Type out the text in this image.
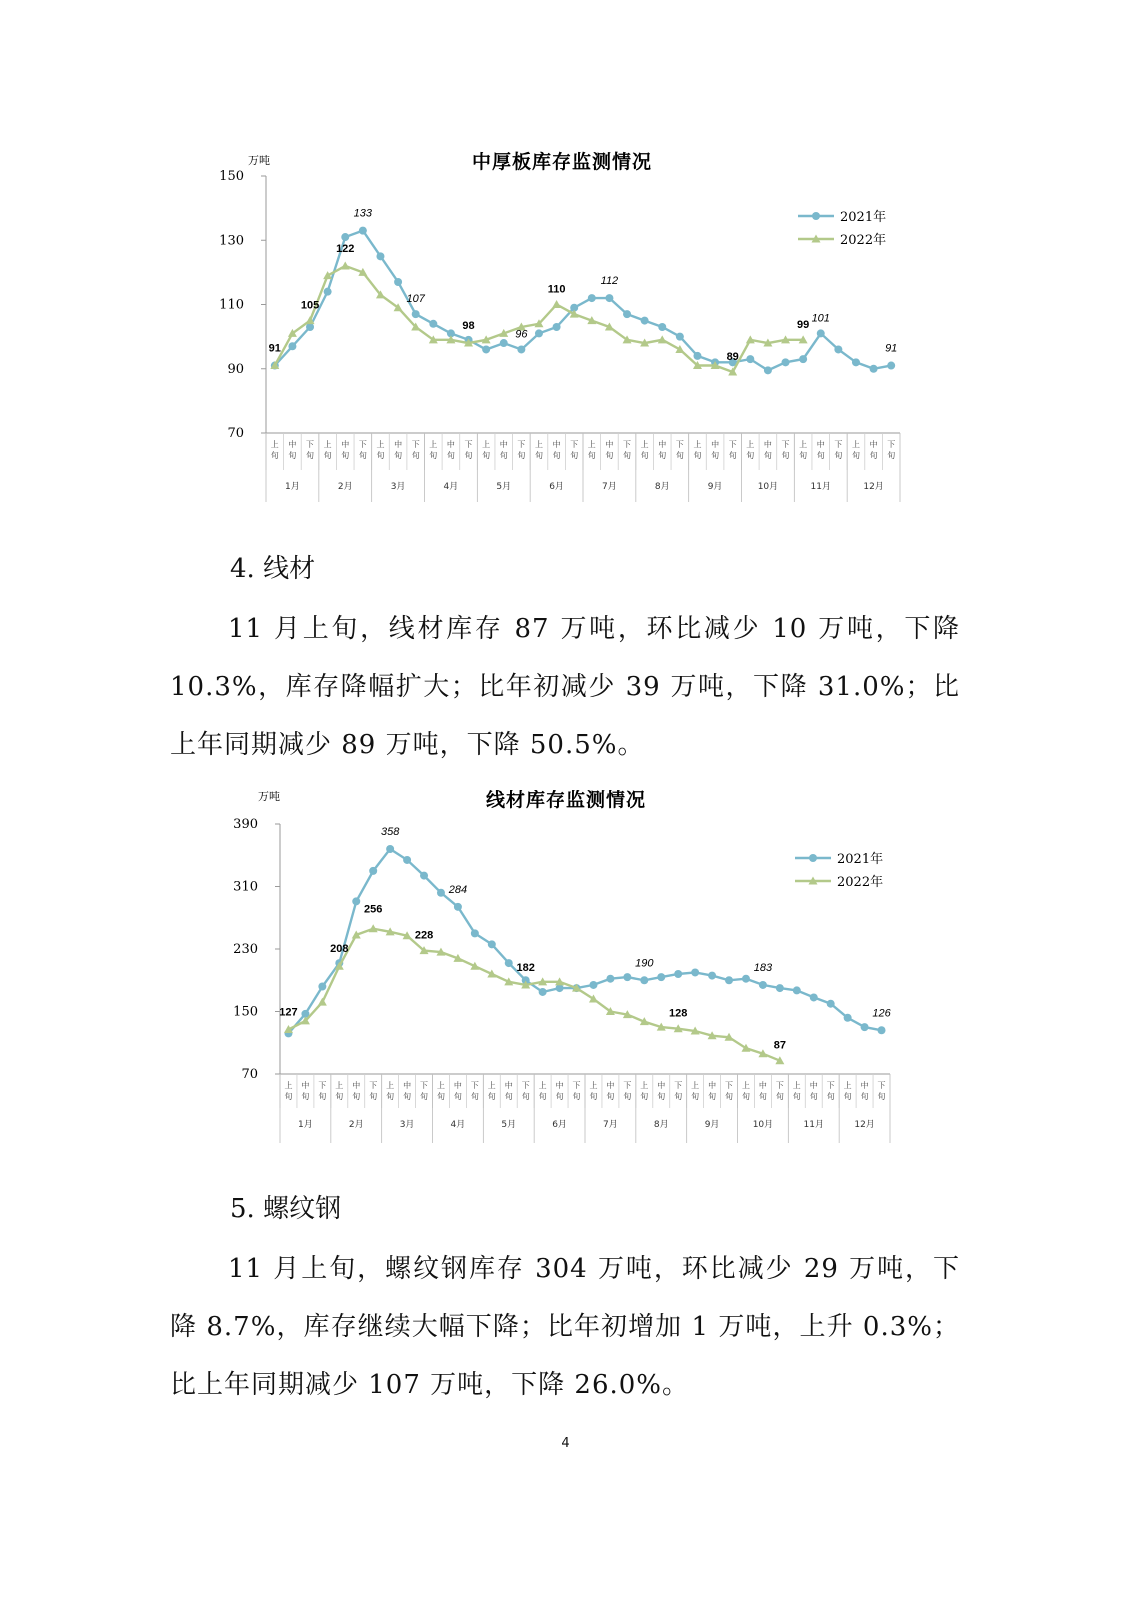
中厚板库存监测情况
万吨
150
130
110
90
70
上旬
中旬
下旬
上旬
中旬
下旬
上旬
中旬
下旬
上旬
中旬
下旬
上旬
中旬
下旬
上旬
中旬
下旬
上旬
中旬
下旬
上旬
中旬
下旬
上旬
中旬
下旬
上旬
中旬
下旬
上旬
中旬
下旬
上旬
中旬
下旬
1月	2月	3月	4月	5月	6月	7月	8月	9月	10月	11月	12月
91
105
122
133
107
98
96
110
112
89
99
101
91
2021年
2022年
4. 线材

11 月上旬，线材库存 87 万吨，环比减少 10 万吨，下降 10.3%，库存降幅扩大；比年初减少 39 万吨，下降 31.0%；比上年同期减少 89 万吨，下降 50.5%。

线材库存监测情况
万吨
390
310
230
150
70
上旬
中旬
下旬
上旬
中旬
下旬
上旬
中旬
下旬
上旬
中旬
下旬
上旬
中旬
下旬
上旬
中旬
下旬
上旬
中旬
下旬
上旬
中旬
下旬
上旬
中旬
下旬
上旬
中旬
下旬
上旬
中旬
下旬
上旬
中旬
下旬
1月	2月	3月	4月	5月	6月	7月	8月	9月	10月	11月	12月
127
208
256
358
228
284
182	190
128
183
87
126
2021年
2022年
5. 螺纹钢

11 月上旬，螺纹钢库存 304 万吨，环比减少 29 万吨，下降 8.7%，库存继续大幅下降；比年初增加 1 万吨，上升 0.3%；比上年同期减少 107 万吨，下降 26.0%。

4
